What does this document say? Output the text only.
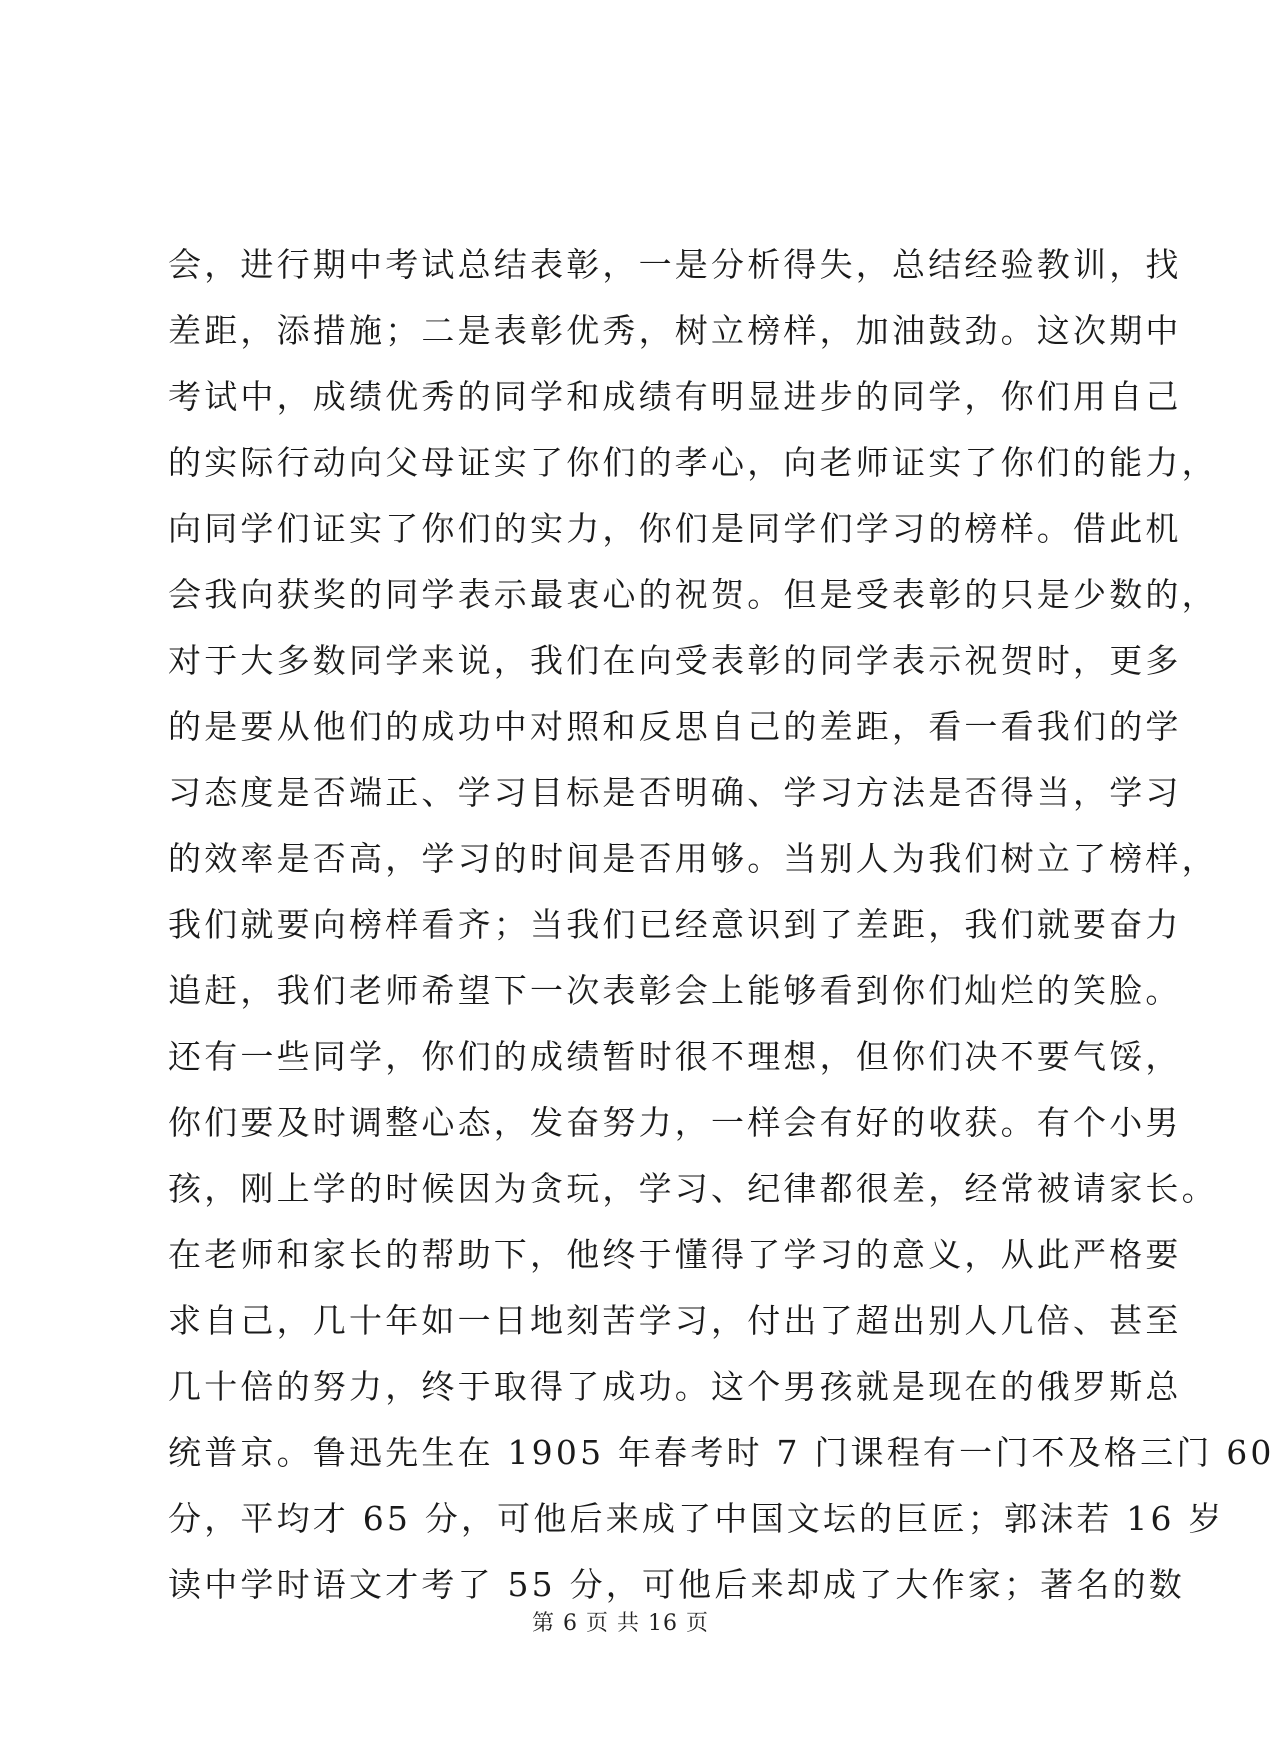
会，进行期中考试总结表彰，一是分析得失，总结经验教训，找
差距，添措施；二是表彰优秀，树立榜样，加油鼓劲。这次期中
考试中，成绩优秀的同学和成绩有明显进步的同学，你们用自己
的实际行动向父母证实了你们的孝心，向老师证实了你们的能力，
向同学们证实了你们的实力，你们是同学们学习的榜样。借此机
会我向获奖的同学表示最衷心的祝贺。但是受表彰的只是少数的，
对于大多数同学来说，我们在向受表彰的同学表示祝贺时，更多
的是要从他们的成功中对照和反思自己的差距，看一看我们的学
习态度是否端正、学习目标是否明确、学习方法是否得当，学习
的效率是否高，学习的时间是否用够。当别人为我们树立了榜样，
我们就要向榜样看齐；当我们已经意识到了差距，我们就要奋力
追赶，我们老师希望下一次表彰会上能够看到你们灿烂的笑脸。
还有一些同学，你们的成绩暂时很不理想，但你们决不要气馁，
你们要及时调整心态，发奋努力，一样会有好的收获。有个小男
孩，刚上学的时候因为贪玩，学习、纪律都很差，经常被请家长。
在老师和家长的帮助下，他终于懂得了学习的意义，从此严格要
求自己，几十年如一日地刻苦学习，付出了超出别人几倍、甚至
几十倍的努力，终于取得了成功。这个男孩就是现在的俄罗斯总
统普京。鲁迅先生在 1905 年春考时 7 门课程有一门不及格三门 60
分，平均才 65 分，可他后来成了中国文坛的巨匠；郭沫若 16 岁
读中学时语文才考了 55 分，可他后来却成了大作家；著名的数
第 6 页 共 16 页
